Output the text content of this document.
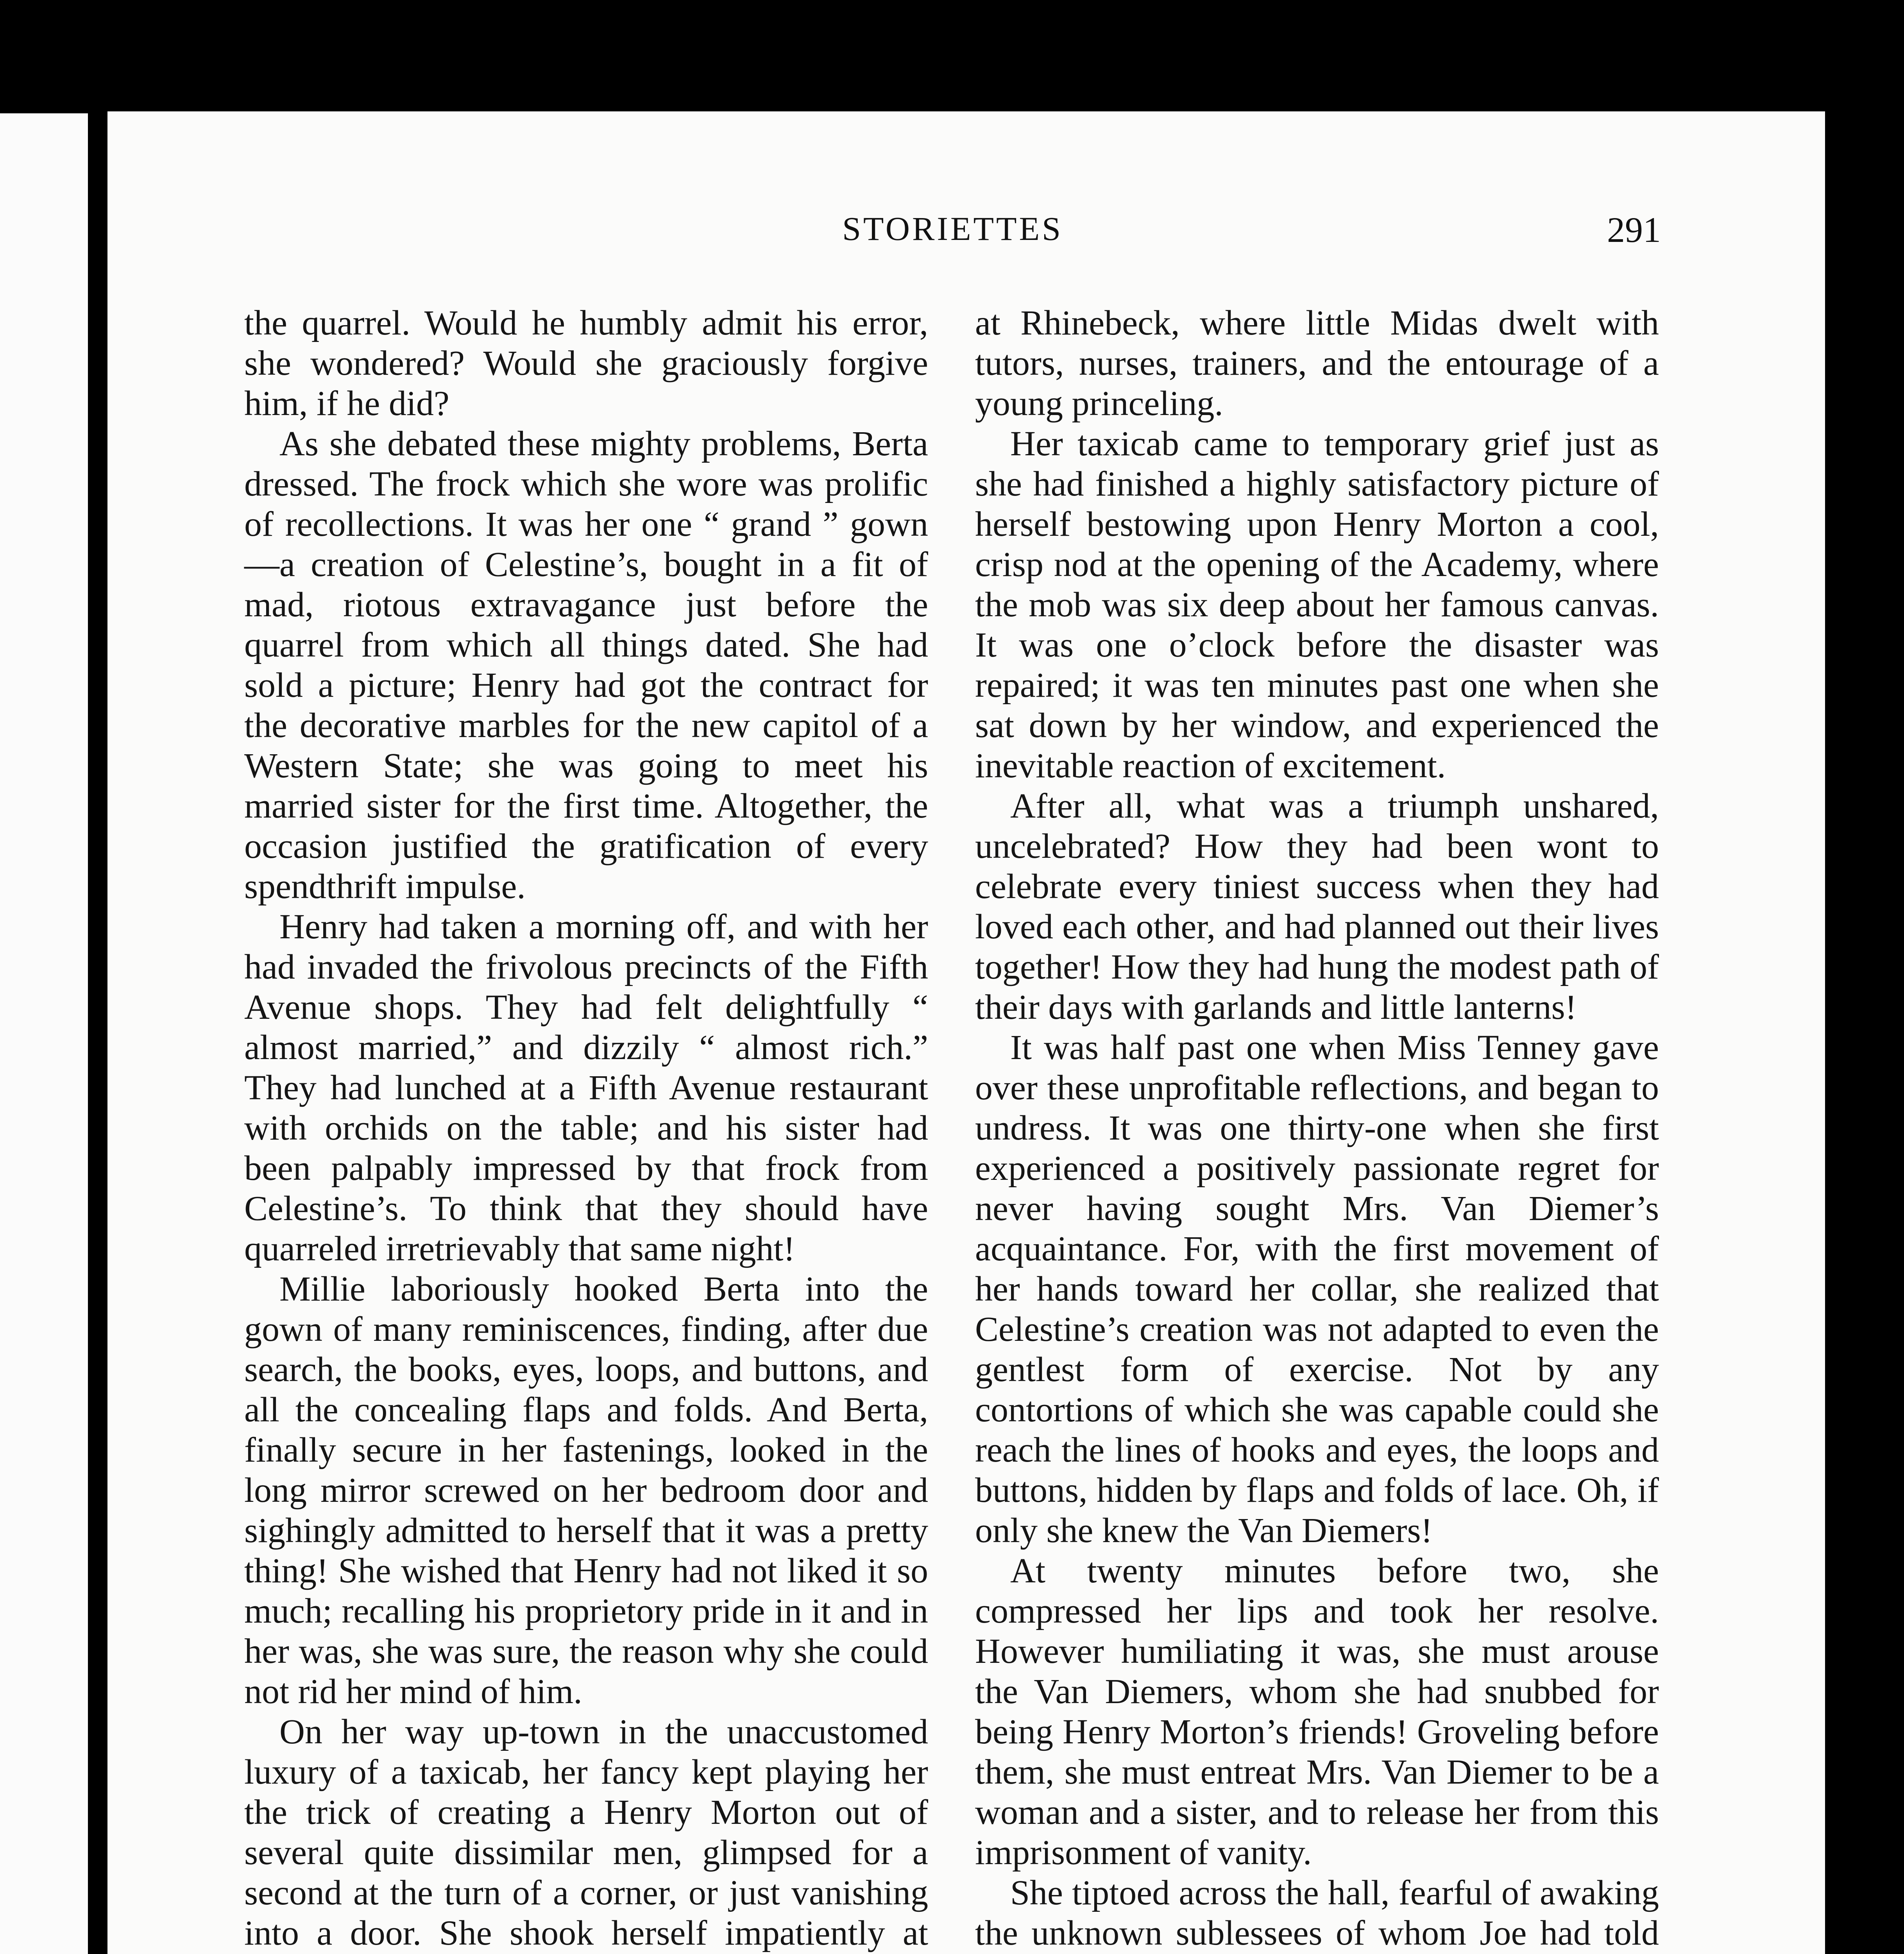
STORIETTES	291

the quarrel. Would he humbly admit his error, she wondered? Would she graciously forgive him, if he did?

As she debated these mighty problems, Berta dressed. The frock which she wore was prolific of recollections. It was her one “ grand ” gown—a creation of Celestine’s, bought in a fit of mad, riotous extravagance just before the quarrel from which all things dated. She had sold a picture; Henry had got the contract for the decorative marbles for the new capitol of a Western State; she was going to meet his married sister for the first time. Altogether, the occasion justified the gratification of every spendthrift impulse.

Henry had taken a morning off, and with her had invaded the frivolous precincts of the Fifth Avenue shops. They had felt delightfully “ almost married,” and dizzily “ almost rich.” They had lunched at a Fifth Avenue restaurant with orchids on the table; and his sister had been palpably impressed by that frock from Celestine’s. To think that they should have quarreled irretrievably that same night!

Millie laboriously hooked Berta into the gown of many reminiscences, finding, after due search, the books, eyes, loops, and buttons, and all the concealing flaps and folds. And Berta, finally secure in her fastenings, looked in the long mirror screwed on her bedroom door and sighingly admitted to herself that it was a pretty thing! She wished that Henry had not liked it so much; recalling his proprietory pride in it and in her was, she was sure, the reason why she could not rid her mind of him.

On her way up-town in the unaccustomed luxury of a taxicab, her fancy kept playing her the trick of creating a Henry Morton out of several quite dissimilar men, glimpsed for a second at the turn of a corner, or just vanishing into a door. She shook herself impatiently at

at Rhinebeck, where little Midas dwelt with tutors, nurses, trainers, and the entourage of a young princeling.

Her taxicab came to temporary grief just as she had finished a highly satisfactory picture of herself bestowing upon Henry Morton a cool, crisp nod at the opening of the Academy, where the mob was six deep about her famous canvas. It was one o’clock before the disaster was repaired; it was ten minutes past one when she sat down by her window, and experienced the inevitable reaction of excitement.

After all, what was a triumph unshared, uncelebrated? How they had been wont to celebrate every tiniest success when they had loved each other, and had planned out their lives together! How they had hung the modest path of their days with garlands and little lanterns!

It was half past one when Miss Tenney gave over these unprofitable reflections, and began to undress. It was one thirty-one when she first experienced a positively passionate regret for never having sought Mrs. Van Diemer’s acquaintance. For, with the first movement of her hands toward her collar, she realized that Celestine’s creation was not adapted to even the gentlest form of exercise. Not by any contortions of which she was capable could she reach the lines of hooks and eyes, the loops and buttons, hidden by flaps and folds of lace. Oh, if only she knew the Van Diemers!

At twenty minutes before two, she compressed her lips and took her resolve. However humiliating it was, she must arouse the Van Diemers, whom she had snubbed for being Henry Morton’s friends! Groveling before them, she must entreat Mrs. Van Diemer to be a woman and a sister, and to release her from this imprisonment of vanity.

She tiptoed across the hall, fearful of awaking the unknown sublessees of whom Joe had told
